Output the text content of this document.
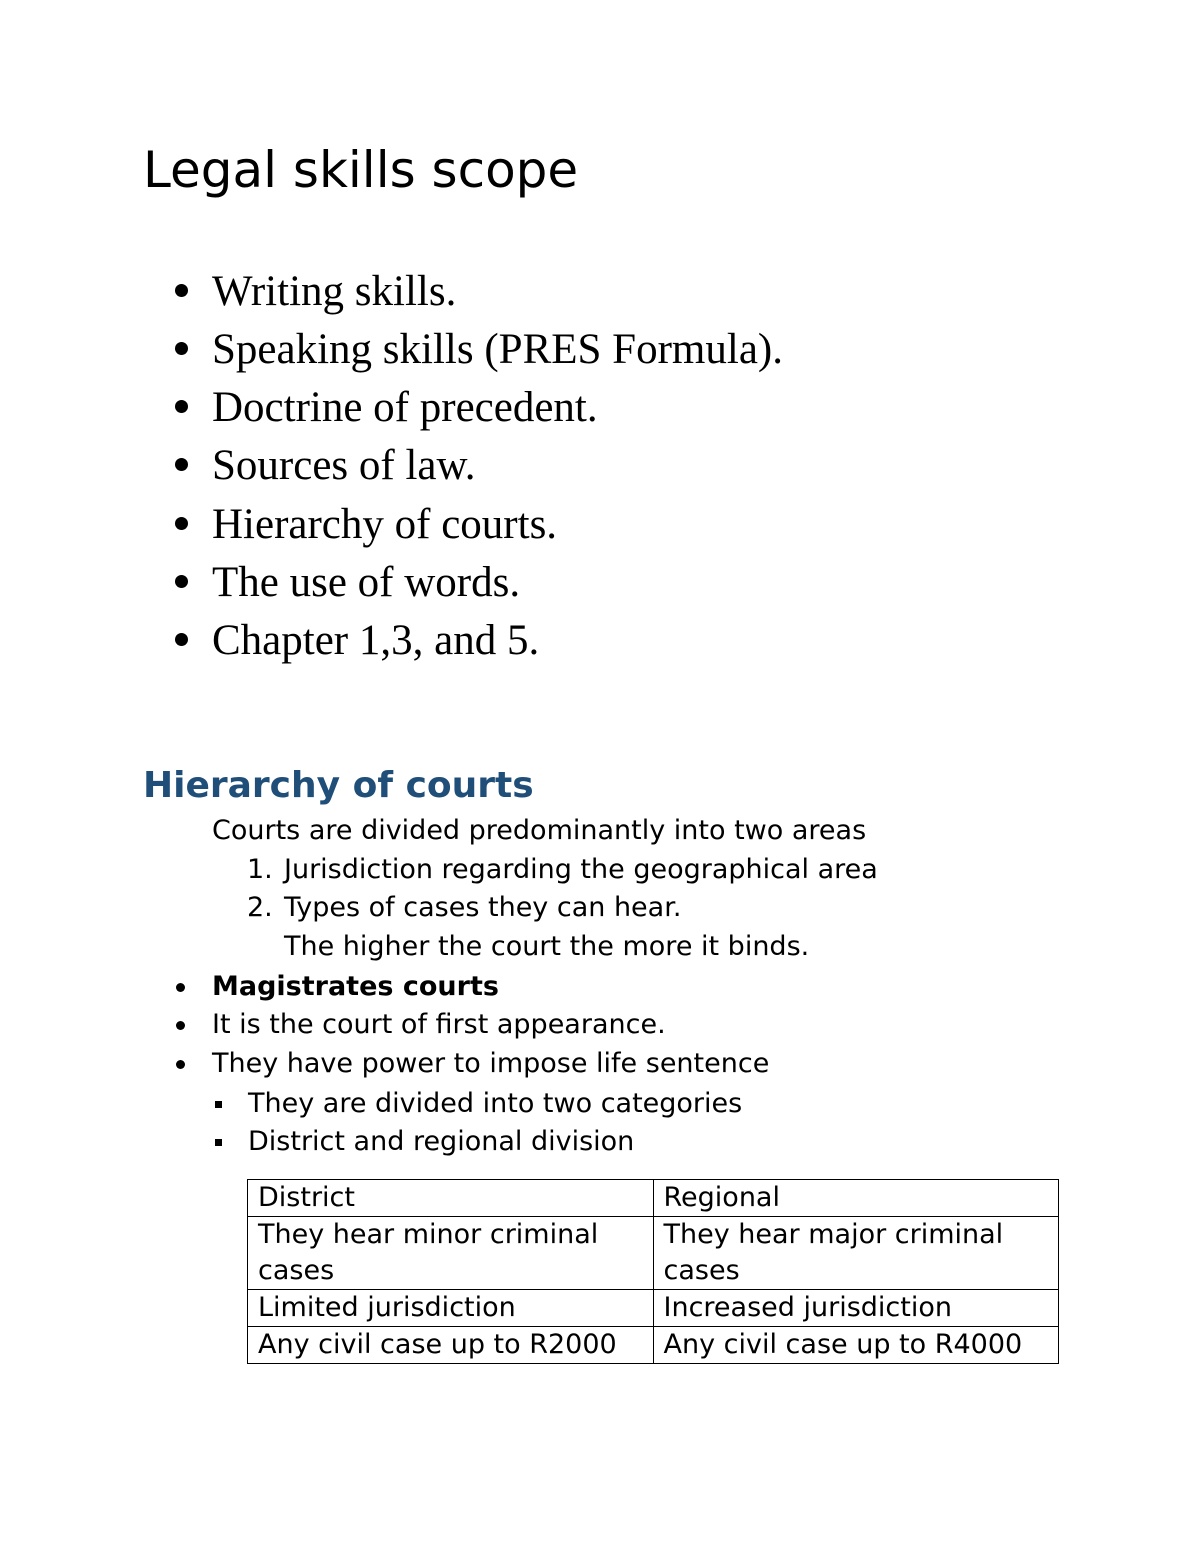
Legal skills scope
Writing skills.
Speaking skills (PRES Formula).
Doctrine of precedent.
Sources of law.
Hierarchy of courts.
The use of words.
Chapter 1,3, and 5.
Hierarchy of courts
Courts are divided predominantly into two areas
1. Jurisdiction regarding the geographical area
2. Types of cases they can hear.
The higher the court the more it binds.
Magistrates courts
It is the court of first appearance.
They have power to impose life sentence
They are divided into two categories
District and regional division
District	Regional
They hear minor criminal cases	They hear major criminal cases
Limited jurisdiction	Increased jurisdiction
Any civil case up to R2000	Any civil case up to R4000
